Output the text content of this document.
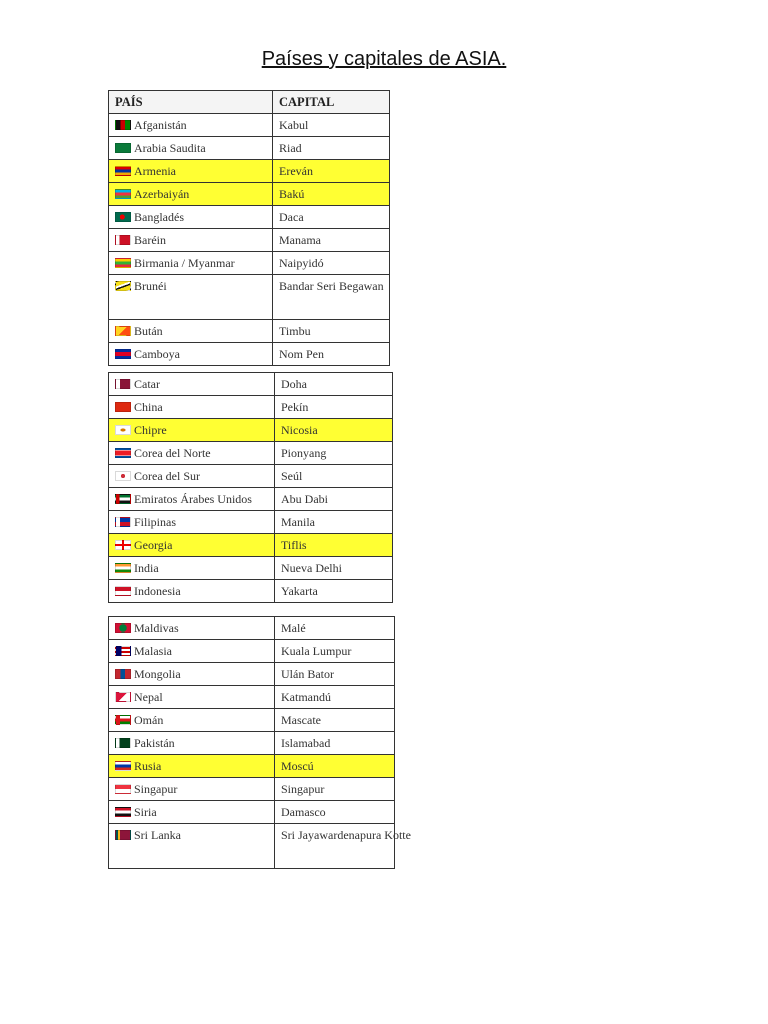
Países y capitales de ASIA.
PAÍS	CAPITAL
Afganistán	Kabul
Arabia Saudita	Riad
Armenia	Ereván
Azerbaiyán	Bakú
Bangladés	Daca
Baréin	Manama
Birmania / Myanmar	Naipyidó
Brunéi	Bandar Seri Begawan
Bután	Timbu
Camboya	Nom Pen
Catar	Doha
China	Pekín
Chipre	Nicosia
Corea del Norte	Pionyang
Corea del Sur	Seúl
Emiratos Árabes Unidos	Abu Dabi
Filipinas	Manila
Georgia	Tiflis
India	Nueva Delhi
Indonesia	Yakarta
Maldivas	Malé
Malasia	Kuala Lumpur
Mongolia	Ulán Bator
Nepal	Katmandú
Omán	Mascate
Pakistán	Islamabad
Rusia	Moscú
Singapur	Singapur
Siria	Damasco
Sri Lanka	Sri Jayawardenapura Kotte
